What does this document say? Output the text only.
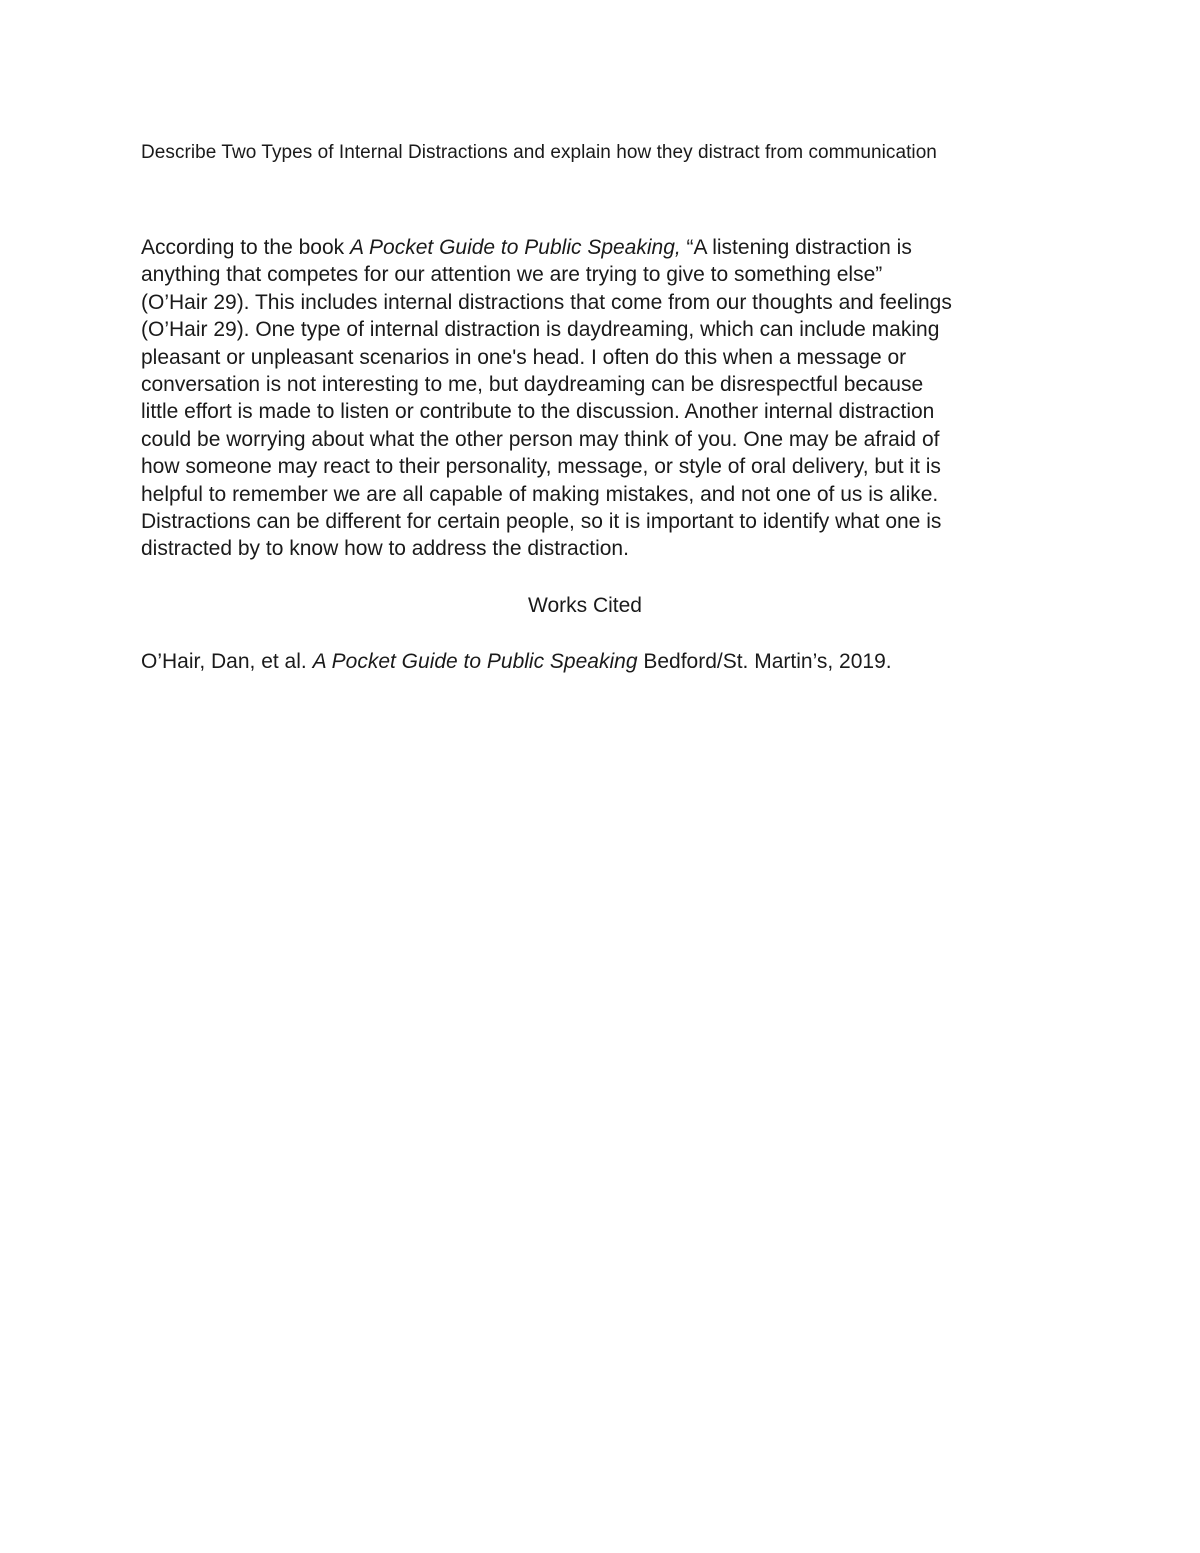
Describe Two Types of Internal Distractions and explain how they distract from communication

According to the book A Pocket Guide to Public Speaking, “A listening distraction is
anything that competes for our attention we are trying to give to something else”
(O’Hair 29). This includes internal distractions that come from our thoughts and feelings
(O’Hair 29). One type of internal distraction is daydreaming, which can include making
pleasant or unpleasant scenarios in one's head. I often do this when a message or
conversation is not interesting to me, but daydreaming can be disrespectful because
little effort is made to listen or contribute to the discussion. Another internal distraction
could be worrying about what the other person may think of you. One may be afraid of
how someone may react to their personality, message, or style of oral delivery, but it is
helpful to remember we are all capable of making mistakes, and not one of us is alike.
Distractions can be different for certain people, so it is important to identify what one is
distracted by to know how to address the distraction.

Works Cited
O’Hair, Dan, et al. A Pocket Guide to Public Speaking Bedford/St. Martin’s, 2019.
